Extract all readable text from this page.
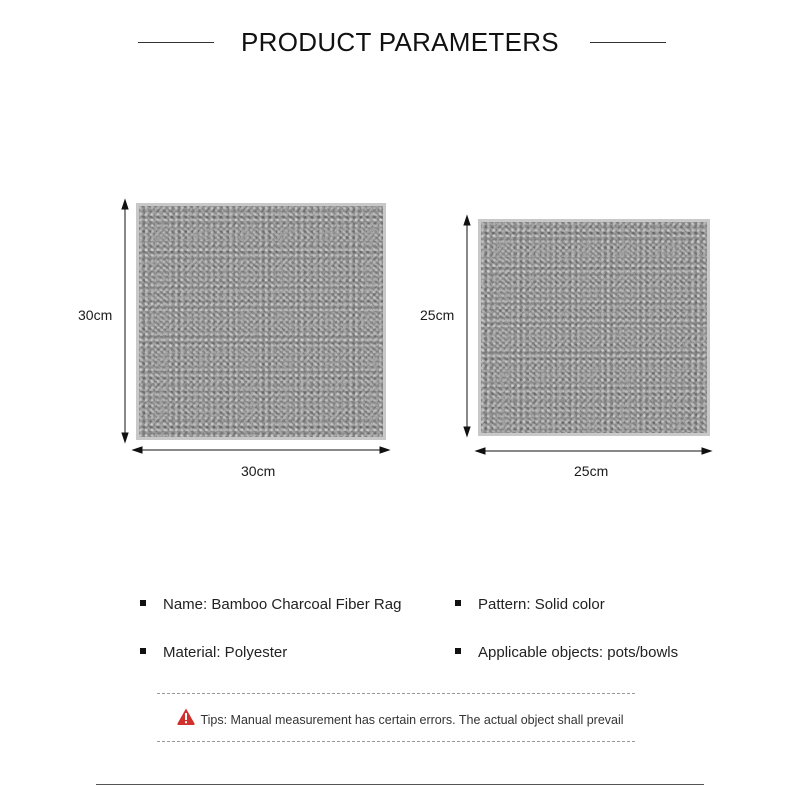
PRODUCT PARAMETERS
30cm
30cm
25cm
25cm
Name: Bamboo Charcoal Fiber Rag	Pattern: Solid color
Material: Polyester	Applicable objects: pots/bowls
Tips: Manual measurement has certain errors. The actual object shall prevail
